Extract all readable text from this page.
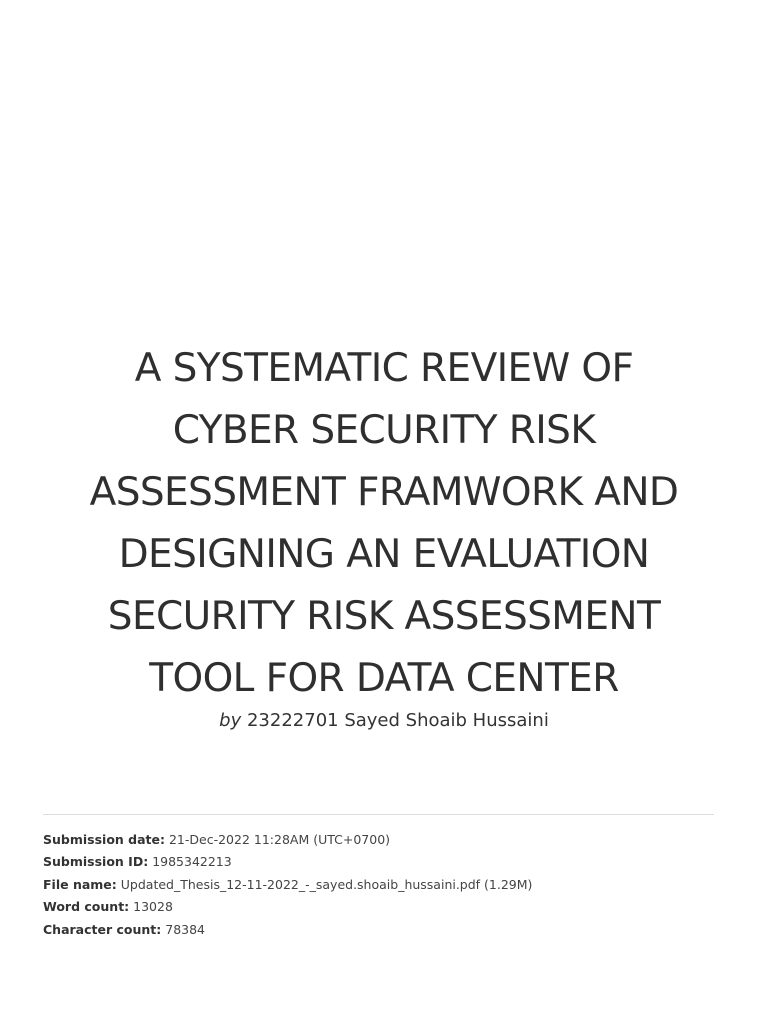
A SYSTEMATIC REVIEW OF
CYBER SECURITY RISK
ASSESSMENT FRAMWORK AND
DESIGNING AN EVALUATION
SECURITY RISK ASSESSMENT
TOOL FOR DATA CENTER
by 23222701 Sayed Shoaib Hussaini
Submission date: 21-Dec-2022 11:28AM (UTC+0700)
Submission ID: 1985342213
File name: Updated_Thesis_12-11-2022_-_sayed.shoaib_hussaini.pdf (1.29M)
Word count: 13028
Character count: 78384
